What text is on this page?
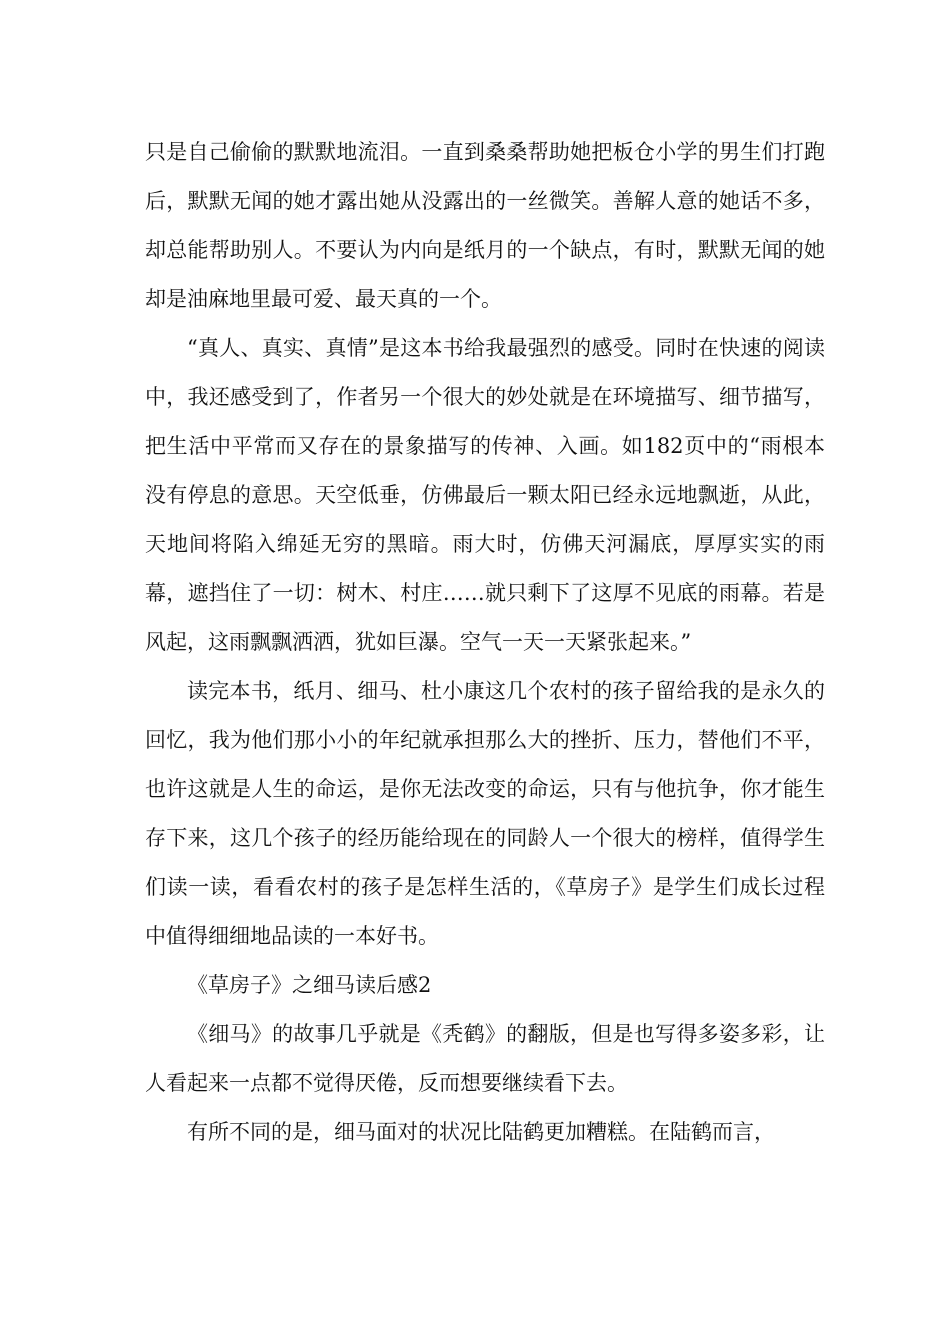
只是自己偷偷的默默地流泪。一直到桑桑帮助她把板仓小学的男生们打跑后，默默无闻的她才露出她从没露出的一丝微笑。善解人意的她话不多，却总能帮助别人。不要认为内向是纸月的一个缺点，有时，默默无闻的她却是油麻地里最可爱、最天真的一个。

“真人、真实、真情”是这本书给我最强烈的感受。同时在快速的阅读中，我还感受到了，作者另一个很大的妙处就是在环境描写、细节描写，把生活中平常而又存在的景象描写的传神、入画。如182页中的“雨根本没有停息的意思。天空低垂，仿佛最后一颗太阳已经永远地飘逝，从此，天地间将陷入绵延无穷的黑暗。雨大时，仿佛天河漏底，厚厚实实的雨幕，遮挡住了一切：树木、村庄……就只剩下了这厚不见底的雨幕。若是风起，这雨飘飘洒洒，犹如巨瀑。空气一天一天紧张起来。”

读完本书，纸月、细马、杜小康这几个农村的孩子留给我的是永久的回忆，我为他们那小小的年纪就承担那么大的挫折、压力，替他们不平，也许这就是人生的命运，是你无法改变的命运，只有与他抗争，你才能生存下来，这几个孩子的经历能给现在的同龄人一个很大的榜样，值得学生们读一读，看看农村的孩子是怎样生活的，《草房子》是学生们成长过程中值得细细地品读的一本好书。

《草房子》之细马读后感2

《细马》的故事几乎就是《秃鹤》的翻版，但是也写得多姿多彩，让人看起来一点都不觉得厌倦，反而想要继续看下去。

有所不同的是，细马面对的状况比陆鹤更加糟糕。在陆鹤而言，
